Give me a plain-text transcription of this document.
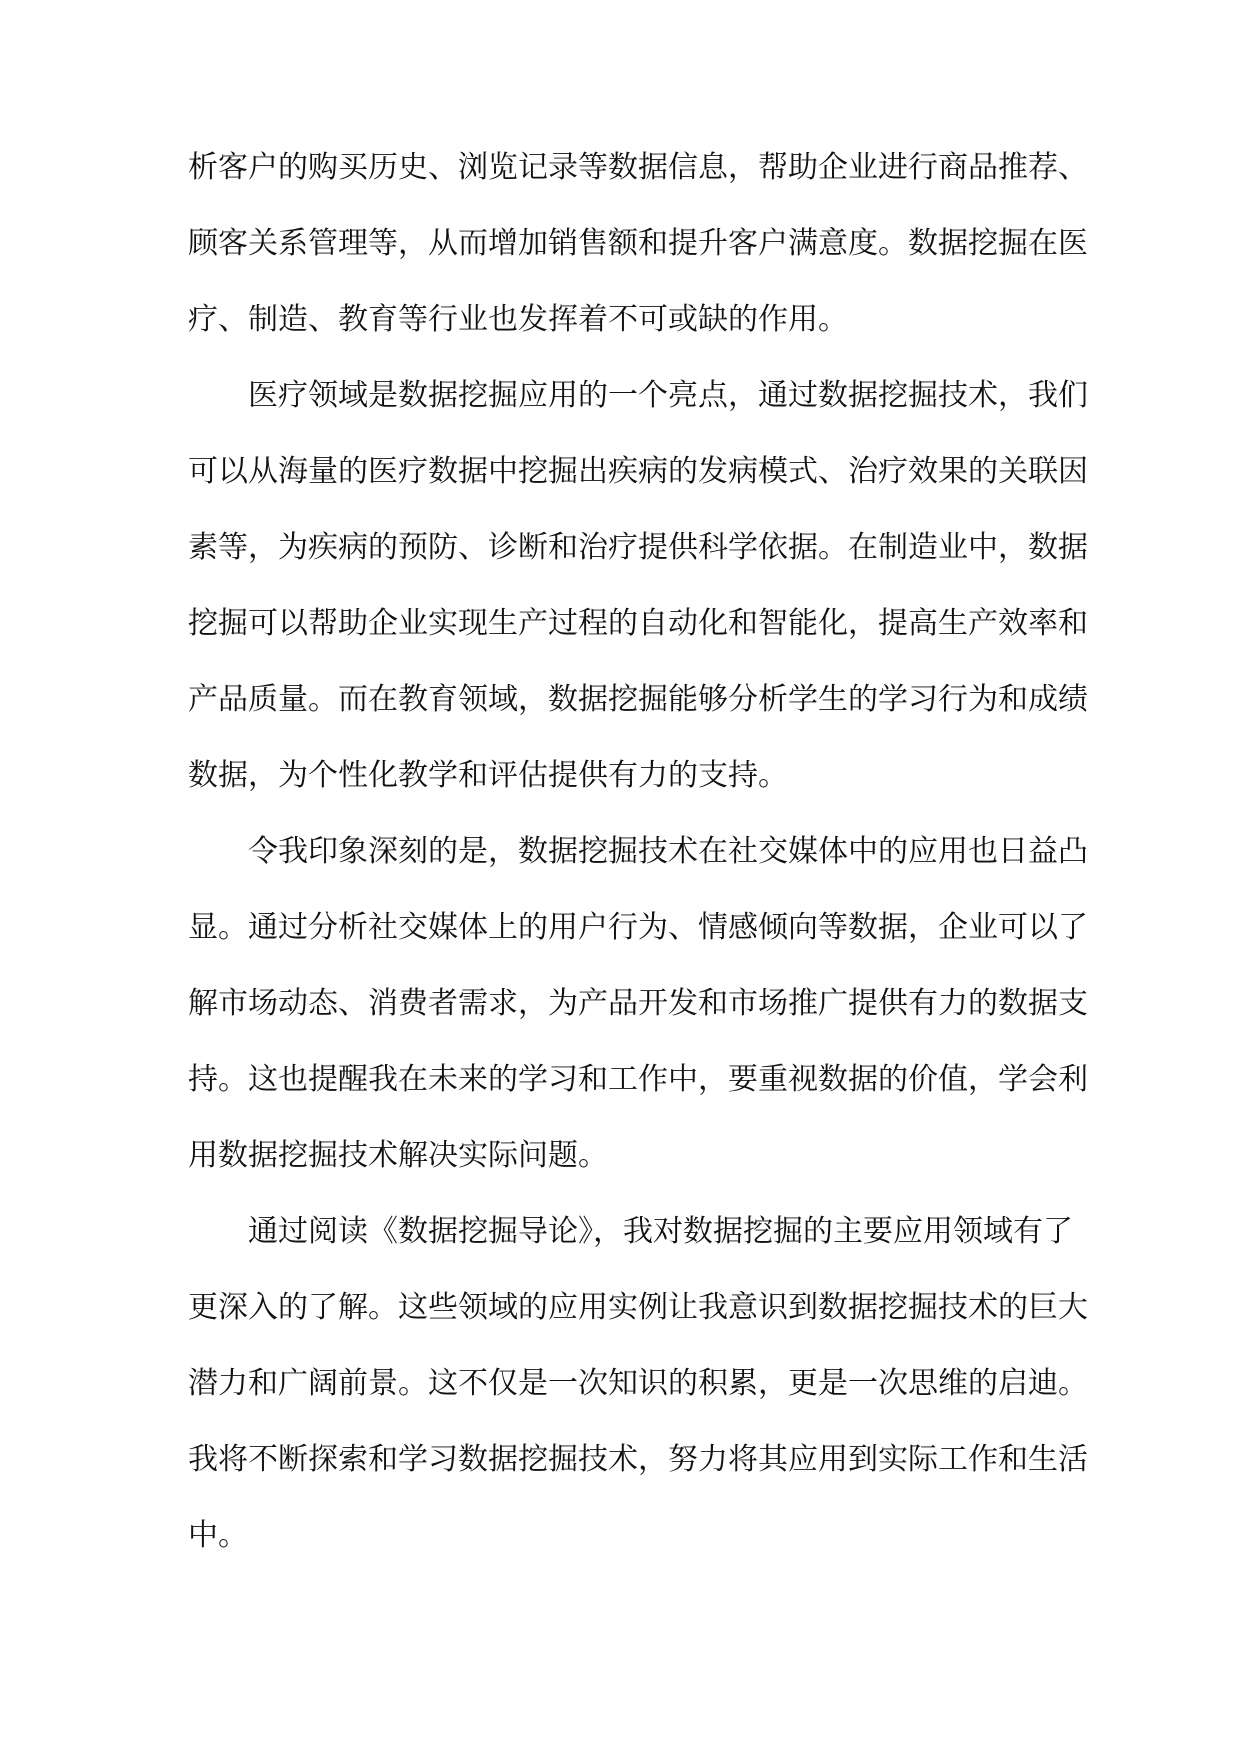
析客户的购买历史、浏览记录等数据信息，帮助企业进行商品推荐、
顾客关系管理等，从而增加销售额和提升客户满意度。数据挖掘在医
疗、制造、教育等行业也发挥着不可或缺的作用。
医疗领域是数据挖掘应用的一个亮点，通过数据挖掘技术，我们
可以从海量的医疗数据中挖掘出疾病的发病模式、治疗效果的关联因
素等，为疾病的预防、诊断和治疗提供科学依据。在制造业中，数据
挖掘可以帮助企业实现生产过程的自动化和智能化，提高生产效率和
产品质量。而在教育领域，数据挖掘能够分析学生的学习行为和成绩
数据，为个性化教学和评估提供有力的支持。
令我印象深刻的是，数据挖掘技术在社交媒体中的应用也日益凸
显。通过分析社交媒体上的用户行为、情感倾向等数据，企业可以了
解市场动态、消费者需求，为产品开发和市场推广提供有力的数据支
持。这也提醒我在未来的学习和工作中，要重视数据的价值，学会利
用数据挖掘技术解决实际问题。
通过阅读《数据挖掘导论》，我对数据挖掘的主要应用领域有了
更深入的了解。这些领域的应用实例让我意识到数据挖掘技术的巨大
潜力和广阔前景。这不仅是一次知识的积累，更是一次思维的启迪。
我将不断探索和学习数据挖掘技术，努力将其应用到实际工作和生活
中。
